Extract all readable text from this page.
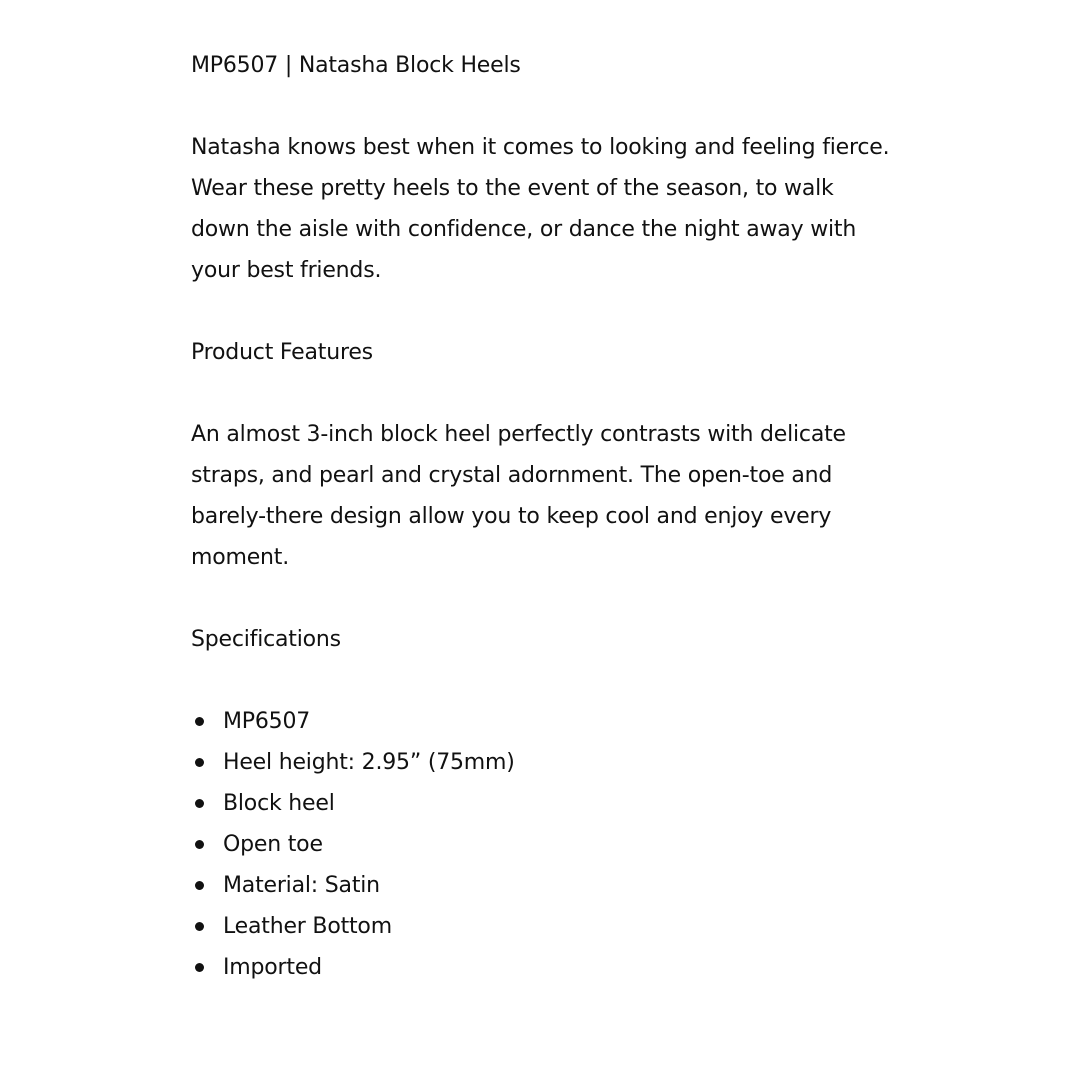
MP6507 | Natasha Block Heels

Natasha knows best when it comes to looking and feeling fierce. Wear these pretty heels to the event of the season, to walk down the aisle with confidence, or dance the night away with your best friends.

Product Features

An almost 3-inch block heel perfectly contrasts with delicate straps, and pearl and crystal adornment. The open-toe and barely-there design allow you to keep cool and enjoy every moment.

Specifications
MP6507
Heel height: 2.95” (75mm)
Block heel
Open toe
Material: Satin
Leather Bottom
Imported
